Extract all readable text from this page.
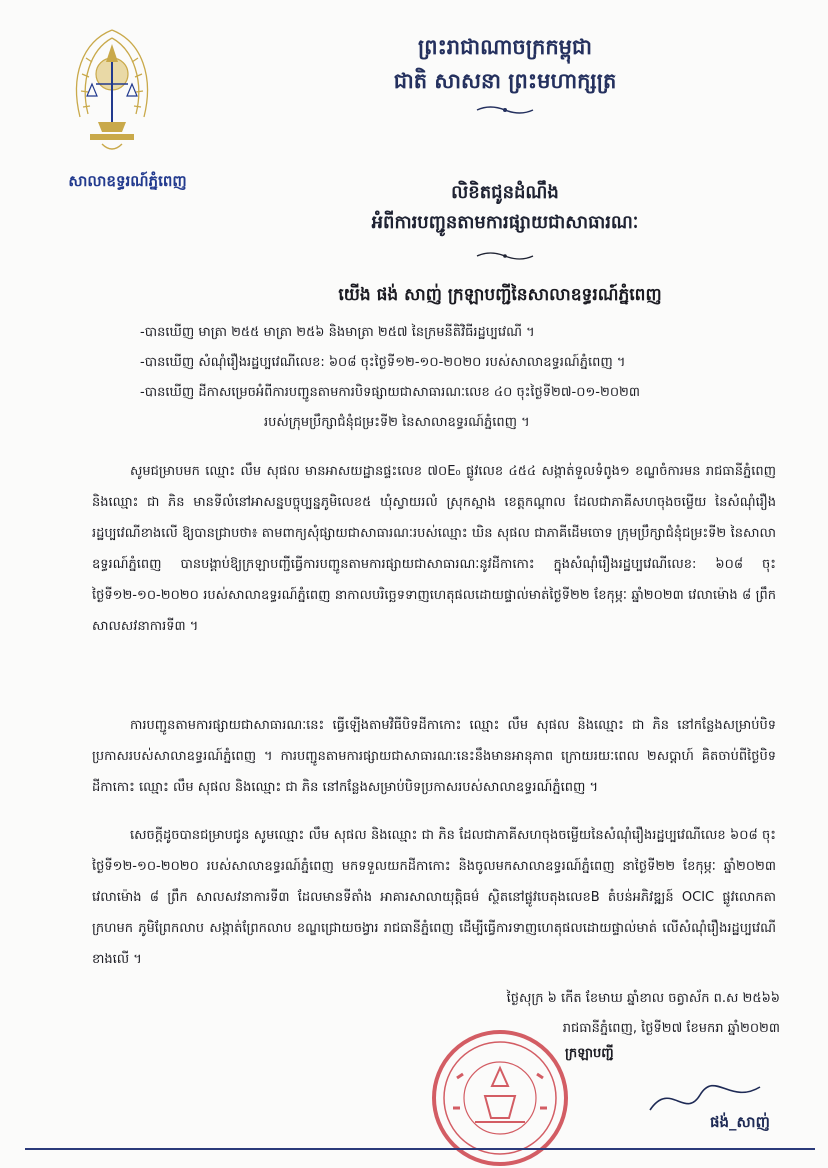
សាលាឧទ្ធរណ៍ភ្នំពេញ
ព្រះរាជាណាចក្រកម្ពុជា
ជាតិ សាសនា ព្រះមហាក្សត្រ
លិខិតជូនដំណឹង
អំពីការបញ្ជូនតាមការផ្សាយជាសាធារណៈ
យើង ផង់ សាញ់ ក្រឡាបញ្ជីនៃសាលាឧទ្ធរណ៍ភ្នំពេញ
-បានឃើញ មាត្រា ២៥៥ មាត្រា ២៥៦ និងមាត្រា ២៥៧ នៃក្រមនីតិវិធីរដ្ឋប្បវេណី ។
-បានឃើញ សំណុំរឿងរដ្ឋប្បវេណីលេខ: ៦០៨ ចុះថ្ងៃទី១២-១០-២០២០ របស់សាលាឧទ្ធរណ៍ភ្នំពេញ ។
-បានឃើញ ដីកាសម្រេចអំពីការបញ្ជូនតាមការបិទផ្សាយជាសាធារណៈលេខ ៤០ ចុះថ្ងៃទី២៧-០១-២០២៣
របស់ក្រុមប្រឹក្សាជំនុំជម្រះទី២ នៃសាលាឧទ្ធរណ៍ភ្នំពេញ ។
សូមជម្រាបមក ឈ្មោះ លឹម សុផល មានអាសយដ្ឋានផ្ទះលេខ ៧០E₀ ផ្លូវលេខ ៤៥៤ សង្កាត់ទួលទំពូង១ ខណ្ឌចំការមន រាជធានីភ្នំពេញ និងឈ្មោះ ជា ភិន មានទីលំនៅអាសន្នបច្ចុប្បន្នភូមិលេខ៥ ឃុំស្វាយរលំ ស្រុកស្អាង ខេត្តកណ្តាល ដែលជាភាគីសហចុងចម្លើយ នៃសំណុំរឿងរដ្ឋប្បវេណីខាងលើ ឱ្យបានជ្រាបថា៖ តាមពាក្យសុំផ្សាយជាសាធារណៈរបស់ឈ្មោះ ឃិន សុផល ជាភាគីដើមចោទ ក្រុមប្រឹក្សាជំនុំជម្រះទី២ នៃសាលាឧទ្ធរណ៍ភ្នំពេញ បានបង្គាប់ឱ្យក្រឡាបញ្ជីធ្វើការបញ្ជូនតាមការផ្សាយជាសាធារណៈនូវដីកាកោះ ក្នុងសំណុំរឿងរដ្ឋប្បវេណីលេខ: ៦០៨ ចុះថ្ងៃទី១២-១០-២០២០ របស់សាលាឧទ្ធរណ៍ភ្នំពេញ នាកាលបរិច្ឆេទទាញហេតុផលដោយផ្ទាល់មាត់ថ្ងៃទី២២ ខែកុម្ភៈ ឆ្នាំ២០២៣ វេលាម៉ោង ៨ ព្រឹក សាលសវនាការទី៣ ។
ការបញ្ជូនតាមការផ្សាយជាសាធារណៈនេះ ធ្វើឡើងតាមវិធីបិទដីកាកោះ ឈ្មោះ លឹម សុផល និងឈ្មោះ ជា ភិន នៅកន្លែងសម្រាប់បិទប្រកាសរបស់សាលាឧទ្ធរណ៍ភ្នំពេញ ។ ការបញ្ជូនតាមការផ្សាយជាសាធារណៈនេះនឹងមានអានុភាព ក្រោយរយៈពេល ២សប្តាហ៍ គិតចាប់ពីថ្ងៃបិទដីកាកោះ ឈ្មោះ លឹម សុផល និងឈ្មោះ ជា ភិន នៅកន្លែងសម្រាប់បិទប្រកាសរបស់សាលាឧទ្ធរណ៍ភ្នំពេញ ។
សេចក្តីដូចបានជម្រាបជូន សូមឈ្មោះ លឹម សុផល និងឈ្មោះ ជា ភិន ដែលជាភាគីសហចុងចម្លើយនៃសំណុំរឿងរដ្ឋប្បវេណីលេខ ៦០៨ ចុះថ្ងៃទី១២-១០-២០២០ របស់សាលាឧទ្ធរណ៍ភ្នំពេញ មកទទួលយកដីកាកោះ និងចូលមកសាលាឧទ្ធរណ៍ភ្នំពេញ នាថ្ងៃទី២២ ខែកុម្ភៈ ឆ្នាំ២០២៣ វេលាម៉ោង ៨ ព្រឹក សាលសវនាការទី៣ ដែលមានទីតាំង អាគារសាលាយុត្តិធម៌ ស្ថិតនៅផ្លូវបេតុងលេខB តំបន់អភិវឌ្ឍន៍ OCIC ផ្លូវលោកតាក្រហមក ភូមិព្រែកលាប សង្កាត់ព្រែកលាប ខណ្ឌជ្រោយចង្វារ រាជធានីភ្នំពេញ ដើម្បីធ្វើការទាញហេតុផលដោយផ្ទាល់មាត់ លើសំណុំរឿងរដ្ឋប្បវេណីខាងលើ ។
ថ្ងៃសុក្រ ៦ កើត ខែមាឃ ឆ្នាំខាល ចត្វាស័ក ព.ស ២៥៦៦
រាជធានីភ្នំពេញ, ថ្ងៃទី២៧ ខែមករា ឆ្នាំ២០២៣
ក្រឡាបញ្ជី
ផង់_សាញ់
